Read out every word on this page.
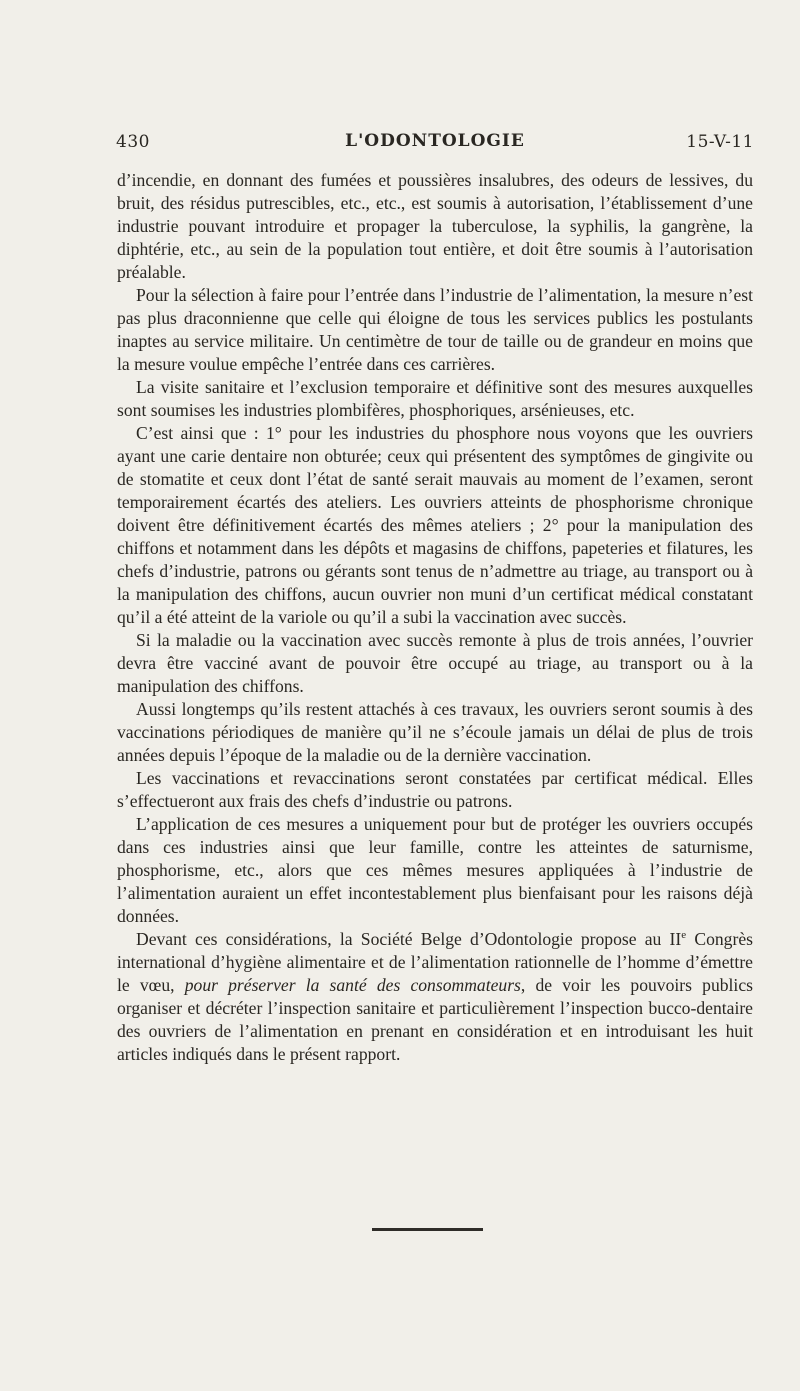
430	L'ODONTOLOGIE	15-V-11

d’incendie, en donnant des fumées et poussières insalubres, des odeurs de lessives, du bruit, des résidus putrescibles, etc., etc., est soumis à autorisation, l’établissement d’une industrie pouvant introduire et propager la tuberculose, la syphilis, la gangrène, la diphtérie, etc., au sein de la population tout entière, et doit être soumis à l’autorisation préalable.

Pour la sélection à faire pour l’entrée dans l’industrie de l’alimentation, la mesure n’est pas plus draconnienne que celle qui éloigne de tous les services publics les postulants inaptes au service militaire. Un centimètre de tour de taille ou de grandeur en moins que la mesure voulue empêche l’entrée dans ces carrières.

La visite sanitaire et l’exclusion temporaire et définitive sont des mesures auxquelles sont soumises les industries plombifères, phosphoriques, arsénieuses, etc.

C’est ainsi que : 1° pour les industries du phosphore nous voyons que les ouvriers ayant une carie dentaire non obturée; ceux qui présentent des symptômes de gingivite ou de stomatite et ceux dont l’état de santé serait mauvais au moment de l’examen, seront temporairement écartés des ateliers. Les ouvriers atteints de phosphorisme chronique doivent être définitivement écartés des mêmes ateliers ; 2° pour la manipulation des chiffons et notamment dans les dépôts et magasins de chiffons, papeteries et filatures, les chefs d’industrie, patrons ou gérants sont tenus de n’admettre au triage, au transport ou à la manipulation des chiffons, aucun ouvrier non muni d’un certificat médical constatant qu’il a été atteint de la variole ou qu’il a subi la vaccination avec succès.

Si la maladie ou la vaccination avec succès remonte à plus de trois années, l’ouvrier devra être vacciné avant de pouvoir être occupé au triage, au transport ou à la manipulation des chiffons.

Aussi longtemps qu’ils restent attachés à ces travaux, les ouvriers seront soumis à des vaccinations périodiques de manière qu’il ne s’écoule jamais un délai de plus de trois années depuis l’époque de la maladie ou de la dernière vaccination.

Les vaccinations et revaccinations seront constatées par certificat médical. Elles s’effectueront aux frais des chefs d’industrie ou patrons.

L’application de ces mesures a uniquement pour but de protéger les ouvriers occupés dans ces industries ainsi que leur famille, contre les atteintes de saturnisme, phosphorisme, etc., alors que ces mêmes mesures appliquées à l’industrie de l’alimentation auraient un effet incontestablement plus bienfaisant pour les raisons déjà données.

Devant ces considérations, la Société Belge d’Odontologie propose au IIe Congrès international d’hygiène alimentaire et de l’alimentation rationnelle de l’homme d’émettre le vœu, pour préserver la santé des consommateurs, de voir les pouvoirs publics organiser et décréter l’inspection sanitaire et particulièrement l’inspection bucco-dentaire des ouvriers de l’alimentation en prenant en considération et en introduisant les huit articles indiqués dans le présent rapport.
